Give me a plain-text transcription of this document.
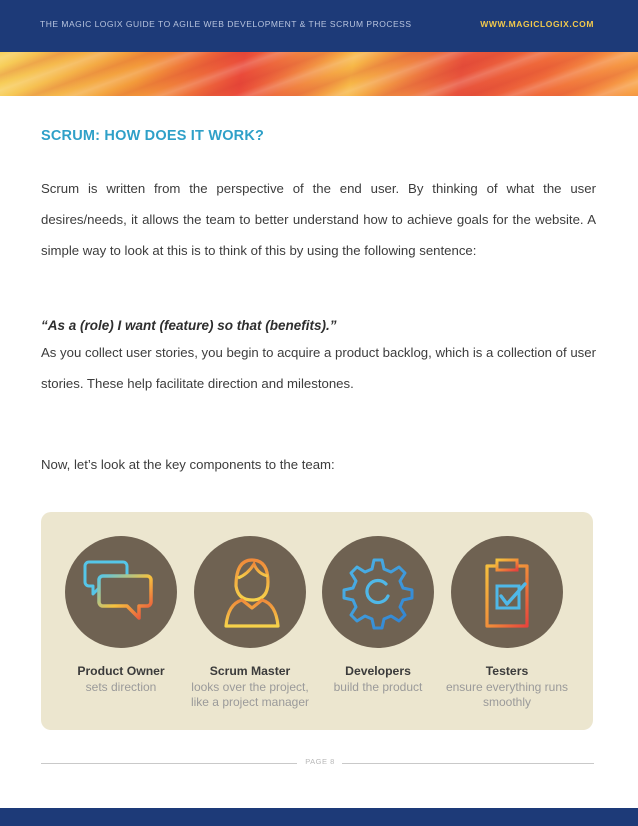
THE MAGIC LOGIX GUIDE TO AGILE WEB DEVELOPMENT & THE SCRUM PROCESS	WWW.MAGICLOGIX.COM
SCRUM: HOW DOES IT WORK?

Scrum is written from the perspective of the end user. By thinking of what the user desires/needs, it allows the team to better understand how to achieve goals for the website. A simple way to look at this is to think of this by using the following sentence:

“As a (role) I want (feature) so that (benefits).”

As you collect user stories, you begin to acquire a product backlog, which is a collection of user stories. These help facilitate direction and milestones.

Now, let’s look at the key components to the team:

Product Owner
sets direction
Scrum Master
looks over the project, like a project manager
Developers
build the product
Testers
ensure everything runs smoothly
PAGE 8
